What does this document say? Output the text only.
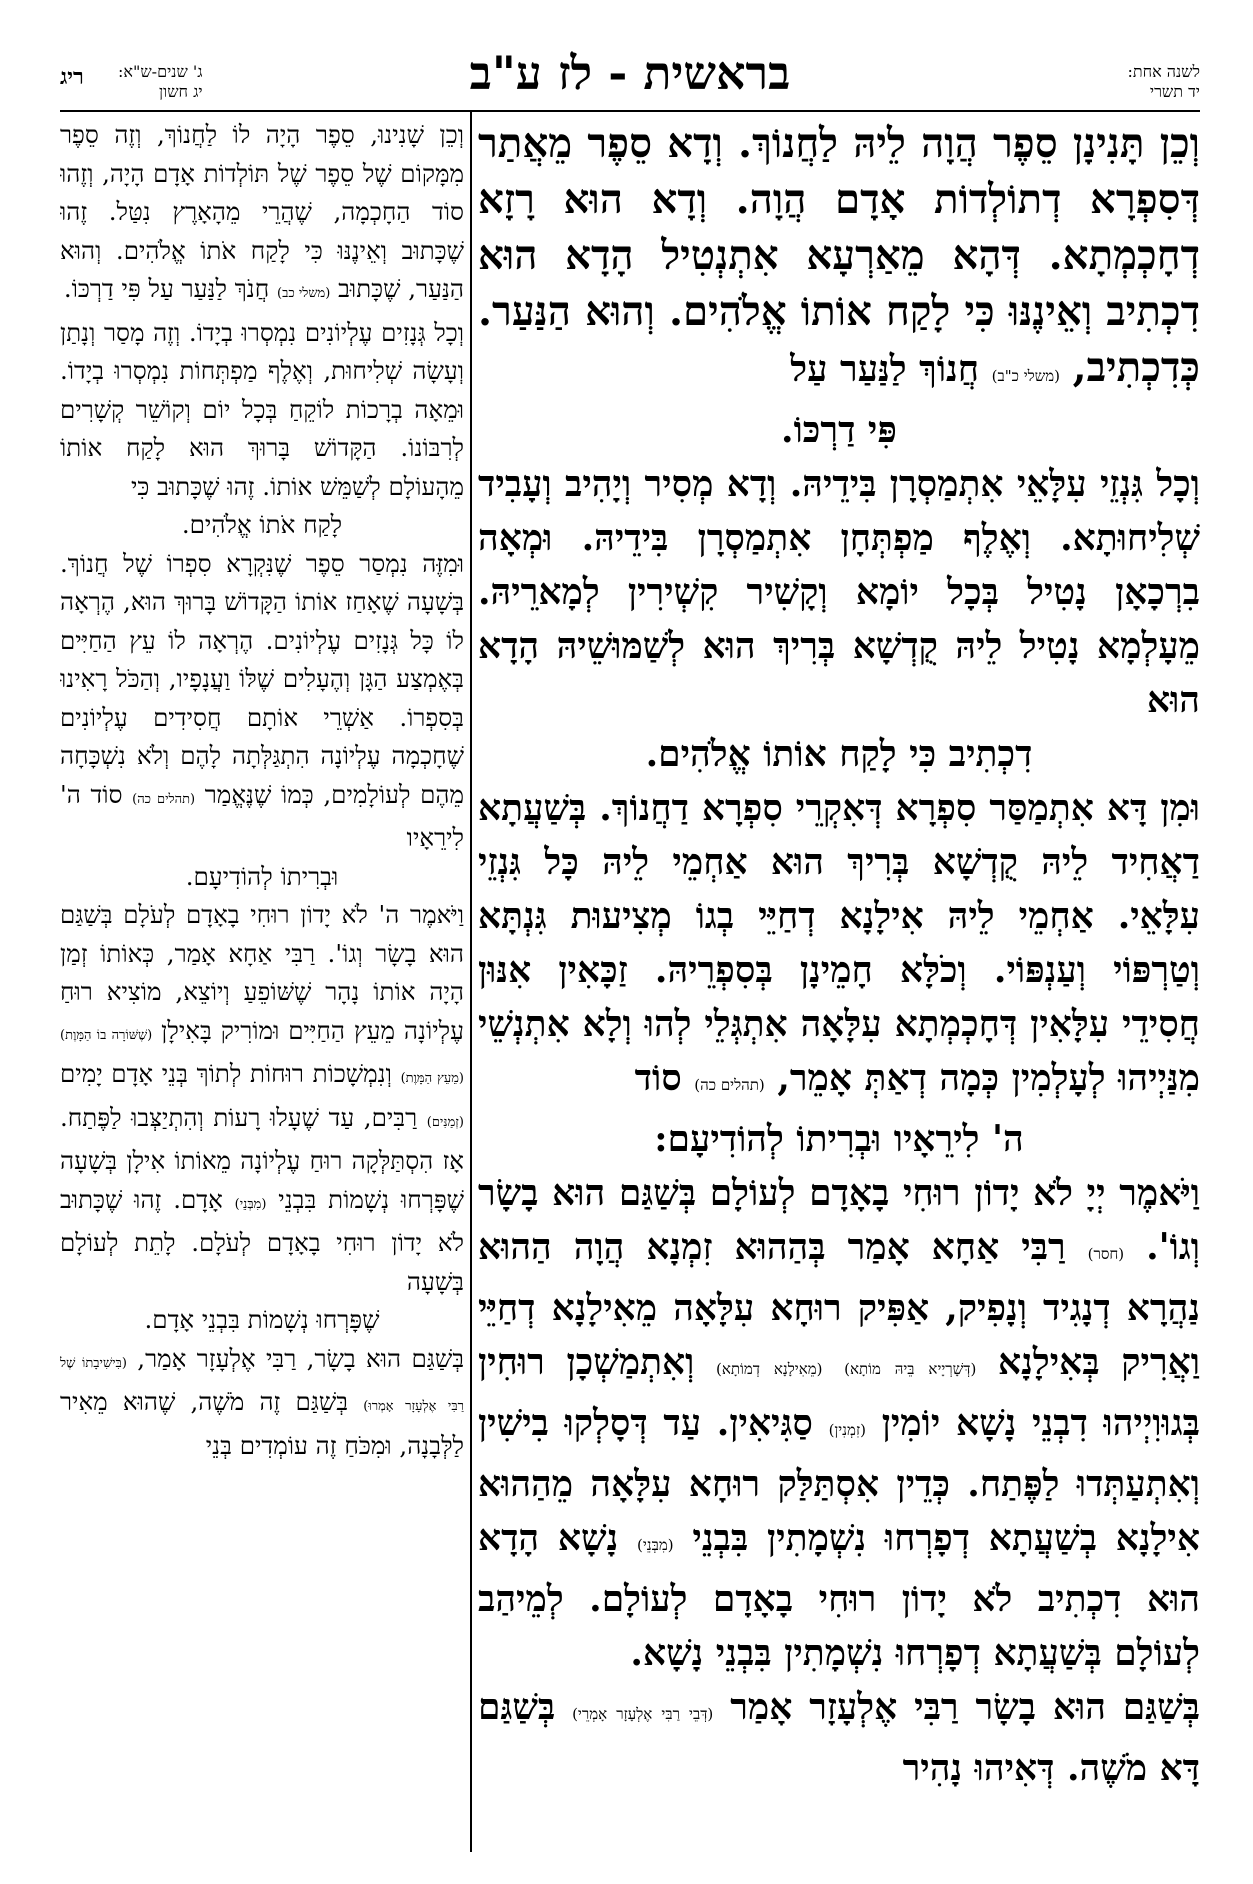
לשנה אחת:
יד תשרי
בראשית - לז ע"ב
ג' שנים-ש"א:
יג חשון
ריג

וְכֵן תָּנִינָן סֵפֶר הֲוָה לֵיהּ לַחֲנוֹךְ. וְדָא סֵפֶר מֵאֲתַר דְּסִפְרָא דְתוֹלְדוֹת אָדָם הֲוָה. וְדָא הוּא רָזָא דְחָכְמְתָא. דְּהָא מֵאַרְעָא אִתְנְטִיל הָדָא הוּא דִכְתִיב וְאֵינֶנּוּ כִּי לָקַח אוֹתוֹ אֱלֹהִים. וְהוּא הַנַּעַר. כְּדִכְתִיב, (משלי כ"ב) חֲנוֹךְ לַנַּעַר עַל

פִּי דַרְכּוֹ.

וְכָל גִּנְזֵי עִלָּאֵי אִתְמַסְרָן בִּידֵיהּ. וְדָא מְסִיר וְיָהִיב וְעָבִיד שְׁלִיחוּתָא. וְאֶלֶף מַפְתְּחָן אִתְמַסְרָן בִּידֵיהּ. וּמְאָה בִרְכָאָן נָטִיל בְּכָל יוֹמָא וְקָשִׁיר קִשְׁירִין לְמָארֵיהּ. מֵעָלְמָא נָטִיל לֵיהּ קֻדְשָׁא בְּרִיךְ הוּא לְשַׁמּוּשֵׁיהּ הָדָא הוּא

דִכְתִיב כִּי לָקַח אוֹתוֹ אֱלֹהִים.

וּמִן דָּא אִתְמַסַּר סִפְרָא דְּאִקְרֵי סִפְרָא דַחֲנוֹךְ. בְּשַׁעֲתָא דַאֲחִיד לֵיהּ קֻדְשָׁא בְּרִיךְ הוּא אַחְמֵי לֵיהּ כָּל גִּנְזֵי עִלָּאֵי. אַחְמֵי לֵיהּ אִילָנָא דְחַיֵּי בְגוֹ מְצִיעוּת גִּנְתָּא וְטַרְפּוֹי וְעַנְפּוֹי. וְכֹלָּא חָמֵינָן בְּסִפְרֵיהּ. זַכָּאִין אִנּוּן חֲסִידֵי עִלָּאִין דְּחָכְמְתָא עִלָּאָה אִתְגְּלֵי לְהוּ וְלָא אִתְנְשֵׁי מִנַּיְיהוּ לְעָלְמִין כְּמָה דְאַתְּ אָמֵר, (תהלים כה) סוֹד

ה' לִירֵאָיו וּבְרִיתוֹ לְהוֹדִיעָם:

וַיֹּאמֶר יְיָ לֹא יָדוֹן רוּחִי בָאָדָם לְעוֹלָם בְּשַׁגַּם הוּא בָשָׂר וְגוֹ'. (חסר) רַבִּי אַחָא אָמַר בְּהַהוּא זִמְנָא הֲוָה הַהוּא נַהֲרָא דְנָגִיד וְנָפִיק, אַפִּיק רוּחָא עִלָּאָה מֵאִילָנָא דְחַיֵּי וַאֲרִיק בְּאִילָנָא (דְּשָׁרְיָיא בֵּיהּ מוֹתָא) (מֵאִילָנָא דְמוֹתָא) וְאִתְמַשְׁכָן רוּחִין בְּגוּוִיְיהוּ דִבְנֵי נָשָׁא יוֹמִין (זִמְנִין) סַגִּיאִין. עַד דְּסָלְקוּ בִישִׁין וְאִתְעַתְּדוּ לַפֶּתַח. כְּדֵין אִסְתַּלַּק רוּחָא עִלָּאָה מֵהַהוּא אִילָנָא בְשַׁעֲתָא דְפָרְחוּ נִשְׁמָתִין בִּבְנֵי (מִבְּנֵי) נָשָׁא הָדָא הוּא דִכְתִיב לֹא יָדוֹן רוּחִי בָאָדָם לְעוֹלָם. לְמֵיהַב לְעוֹלָם בְּשַׁעֲתָא דְפָרְחוּ נִשְׁמָתִין בִּבְנֵי נָשָׁא.

בְּשַׁגַּם הוּא בָשָׂר רַבִּי אֶלְעָזָר אָמַר (דְּבֵי רַבִּי אֶלְעָזָר אָמְרֵי) בְּשַׁגַּם דָּא מֹשֶׁה. דְּאִיהוּ נָהִיר

וְכֵן שָׁנִינוּ, סֵפֶר הָיָה לוֹ לַחֲנוֹךְ, וְזֶה סֵפֶר מִמָּקוֹם שֶׁל סֵפֶר שֶׁל תּוֹלְדוֹת אָדָם הָיָה, וְזֶהוּ סוֹד הַחָכְמָה, שֶׁהֲרֵי מֵהָאָרֶץ נִטַּל. זֶהוּ שֶׁכָּתוּב וְאֵינֶנּוּ כִּי לָקַח אֹתוֹ אֱלֹהִים. וְהוּא הַנַּעַר, שֶׁכָּתוּב (משלי כב) חֲנֹךְ לַנַּעַר עַל פִּי דַרְכּוֹ.

וְכָל גְּנָזִים עֶלְיוֹנִים נִמְסְרוּ בְיָדוֹ. וְזֶה מָסַר וְנָתַן וְעָשָׂה שְׁלִיחוּת, וְאֶלֶף מַפְתְּחוֹת נִמְסְרוּ בְיָדוֹ. וּמֵאָה בְרָכוֹת לוֹקֵחַ בְּכָל יוֹם וְקוֹשֵׁר קְשָׁרִים לְרִבּוֹנוֹ. הַקָּדוֹשׁ בָּרוּךְ הוּא לָקַח אוֹתוֹ מֵהָעוֹלָם לְשַׁמֵּשׁ אוֹתוֹ. זֶהוּ שֶׁכָּתוּב כִּי

לָקַח אֹתוֹ אֱלֹהִים.

וּמִזֶּה נִמְסַר סֵפֶר שֶׁנִּקְרָא סִפְרוֹ שֶׁל חֲנוֹךְ. בְּשָׁעָה שֶׁאָחַז אוֹתוֹ הַקָּדוֹשׁ בָּרוּךְ הוּא, הֶרְאָה לוֹ כָּל גְּנָזִים עֶלְיוֹנִים. הֶרְאָה לוֹ עֵץ הַחַיִּים בְּאֶמְצַע הַגָּן וְהֶעָלִים שֶׁלּוֹ וַעֲנָפָיו, וְהַכֹּל רָאִינוּ בְּסִפְרוֹ. אַשְׁרֵי אוֹתָם חֲסִידִים עֶלְיוֹנִים שֶׁחָכְמָה עֶלְיוֹנָה הִתְגַּלְּתָה לָהֶם וְלֹא נִשְׁכָּחָה מֵהֶם לְעוֹלָמִים, כְּמוֹ שֶׁנֶּאֱמַר (תהלים כה) סוֹד ה' לִירֵאָיו

וּבְרִיתוֹ לְהוֹדִיעָם.

וַיֹּאמֶר ה' לֹא יָדוֹן רוּחִי בָאָדָם לְעֹלָם בְּשַׁגַּם הוּא בָשָׂר וְגוֹ'. רַבִּי אַחָא אָמַר, כְּאוֹתוֹ זְמַן הָיָה אוֹתוֹ נָהָר שֶׁשּׁוֹפֵעַ וְיוֹצֵא, מוֹצִיא רוּחַ עֶלְיוֹנָה מֵעֵץ הַחַיִּים וּמוֹרִיק בָּאִילָן (שֶׁשּׁוֹרָה בוֹ הַמָּוֶת) (מֵעֵץ הַמָּוֶת) וְנִמְשָׁכוֹת רוּחוֹת לְתוֹךְ בְּנֵי אָדָם יָמִים (זְמַנִּים) רַבִּים, עַד שֶׁעָלוּ רָעוֹת וְהִתְיַצְּבוּ לַפֶּתַח. אָז הִסְתַּלְּקָה רוּחַ עֶלְיוֹנָה מֵאוֹתוֹ אִילָן בְּשָׁעָה שֶׁפָּרְחוּ נְשָׁמוֹת בִּבְנֵי (מִבְּנֵי) אָדָם. זֶהוּ שֶׁכָּתוּב לֹא יָדוֹן רוּחִי בָאָדָם לְעֹלָם. לָתֵת לְעוֹלָם בְּשָׁעָה

שֶׁפָּרְחוּ נְשָׁמוֹת בִּבְנֵי אָדָם.

בְּשַׁגַּם הוּא בָשָׂר, רַבִּי אֶלְעָזָר אָמַר, (בִּישִׁיבָתוֹ שֶׁל רַבִּי אֶלְעָזָר אָמְרוּ) בְּשַׁגַּם זֶה מֹשֶׁה, שֶׁהוּא מֵאִיר לַלְּבָנָה, וּמִכֹּחַ זֶה עוֹמְדִים בְּנֵי
